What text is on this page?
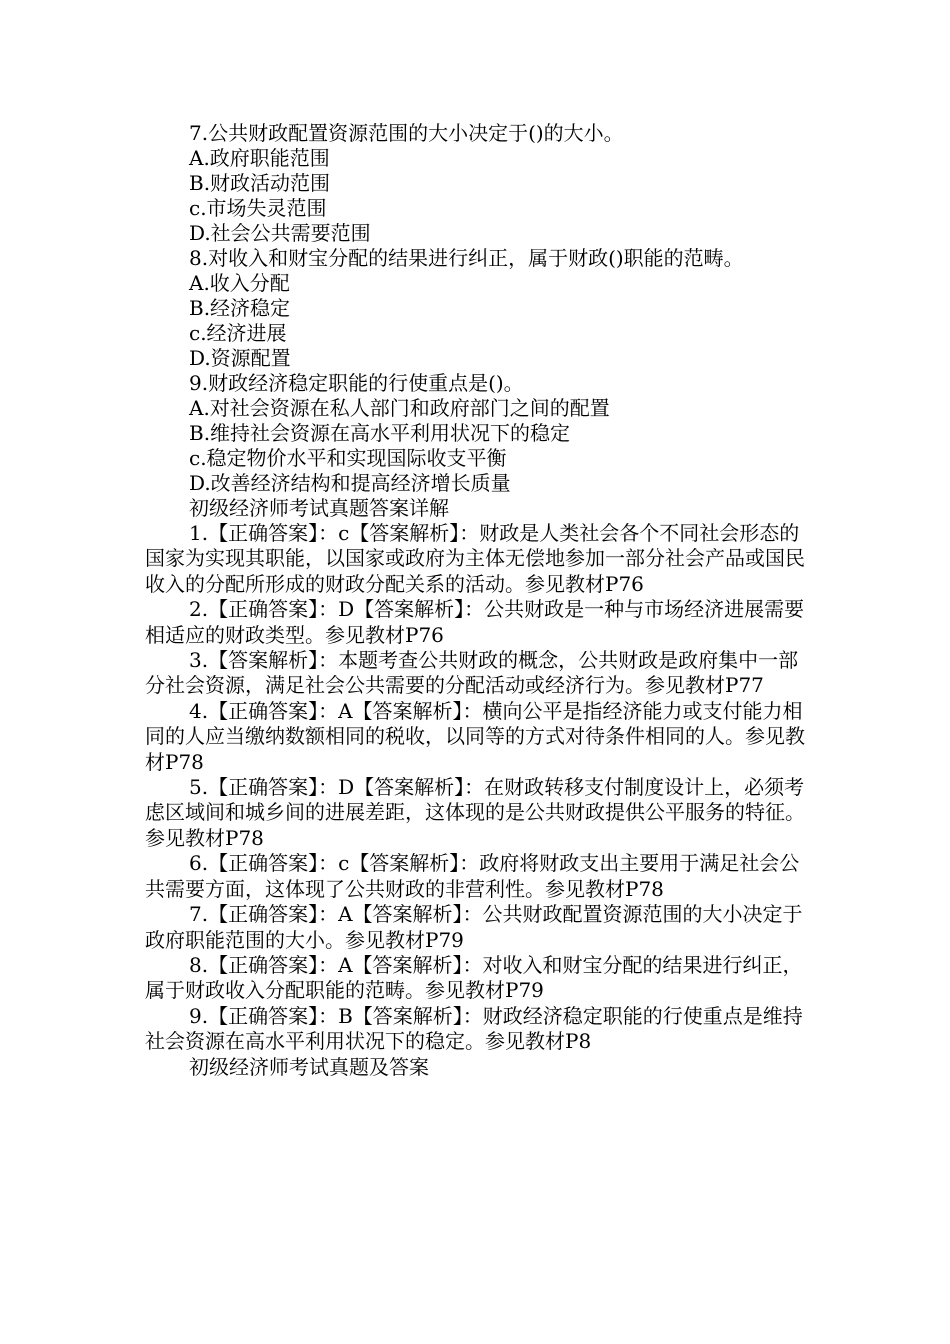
7.公共财政配置资源范围的大小决定于()的大小。

A.政府职能范围

B.财政活动范围

c.市场失灵范围

D.社会公共需要范围

8.对收入和财宝分配的结果进行纠正，属于财政()职能的范畴。

A.收入分配

B.经济稳定

c.经济进展

D.资源配置

9.财政经济稳定职能的行使重点是()。

A.对社会资源在私人部门和政府部门之间的配置

B.维持社会资源在高水平利用状况下的稳定

c.稳定物价水平和实现国际收支平衡

D.改善经济结构和提高经济增长质量

初级经济师考试真题答案详解

1.【正确答案】：c【答案解析】：财政是人类社会各个不同社会形态的国家为实现其职能，以国家或政府为主体无偿地参加一部分社会产品或国民收入的分配所形成的财政分配关系的活动。参见教材P76

2.【正确答案】：D【答案解析】：公共财政是一种与市场经济进展需要相适应的财政类型。参见教材P76

3.【答案解析】：本题考查公共财政的概念，公共财政是政府集中一部分社会资源，满足社会公共需要的分配活动或经济行为。参见教材P77

4.【正确答案】：A【答案解析】：横向公平是指经济能力或支付能力相同的人应当缴纳数额相同的税收，以同等的方式对待条件相同的人。参见教材P78

5.【正确答案】：D【答案解析】：在财政转移支付制度设计上，必须考虑区域间和城乡间的进展差距，这体现的是公共财政提供公平服务的特征。参见教材P78

6.【正确答案】：c【答案解析】：政府将财政支出主要用于满足社会公共需要方面，这体现了公共财政的非营利性。参见教材P78

7.【正确答案】：A【答案解析】：公共财政配置资源范围的大小决定于政府职能范围的大小。参见教材P79

8.【正确答案】：A【答案解析】：对收入和财宝分配的结果进行纠正，属于财政收入分配职能的范畴。参见教材P79

9.【正确答案】：B【答案解析】：财政经济稳定职能的行使重点是维持社会资源在高水平利用状况下的稳定。参见教材P8

初级经济师考试真题及答案
